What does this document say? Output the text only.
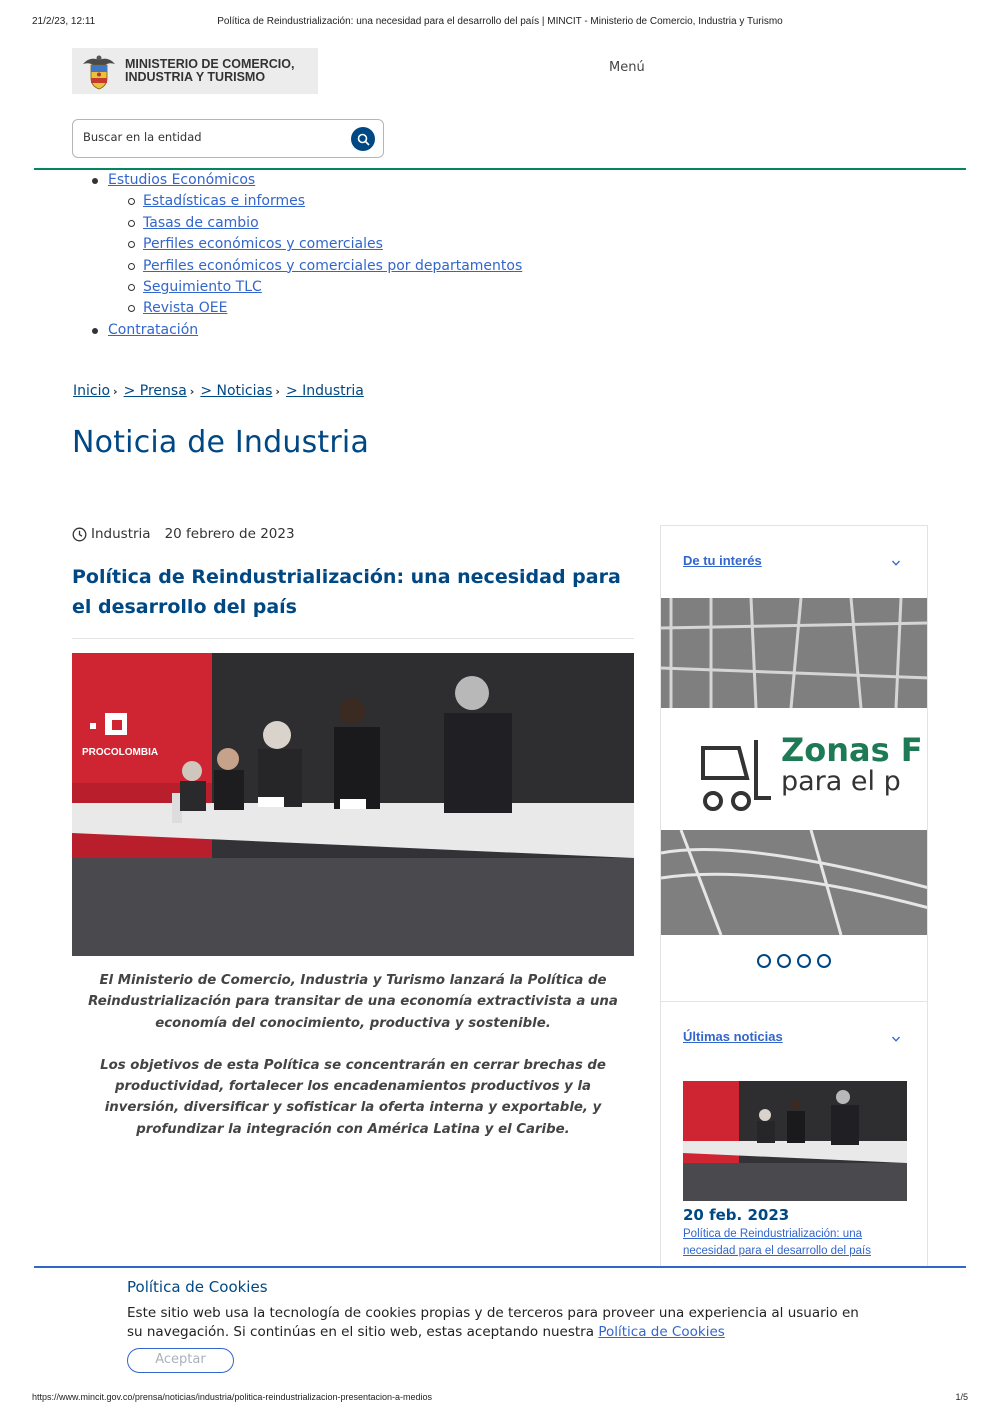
21/2/23, 12:11	Política de Reindustrialización: una necesidad para el desarrollo del país | MINCIT - Ministerio de Comercio, Industria y Turismo
MINISTERIO DE COMERCIO,
INDUSTRIA Y TURISMO
Menú
Buscar en la entidad
Estudios Económicos
Estadísticas e informes
Tasas de cambio
Perfiles económicos y comerciales
Perfiles económicos y comerciales por departamentos
Seguimiento TLC
Revista OEE
Contratación
Inicio › > Prensa › > Noticias › > Industria
Noticia de Industria
Industria 20 febrero de 2023
Política de Reindustrialización: una necesidad para el desarrollo del país
PROCOLOMBIA

El Ministerio de Comercio, Industria y Turismo lanzará la Política de Reindustrialización para transitar de una economía extractivista a una economía del conocimiento, productiva y sostenible.

Los objetivos de esta Política se concentrarán en cerrar brechas de productividad, fortalecer los encadenamientos productivos y la inversión, diversificar y sofisticar la oferta interna y exportable, y profundizar la integración con América Latina y el Caribe.

De tu interés
Zonas F
para el p
Últimas noticias
20 feb. 2023
Política de Reindustrialización: una necesidad para el desarrollo del país
Política de Cookies

Este sitio web usa la tecnología de cookies propias y de terceros para proveer una experiencia al usuario en su navegación. Si continúas en el sitio web, estas aceptando nuestra Política de Cookies

Aceptar
https://www.mincit.gov.co/prensa/noticias/industria/politica-reindustrializacion-presentacion-a-medios	1/5
